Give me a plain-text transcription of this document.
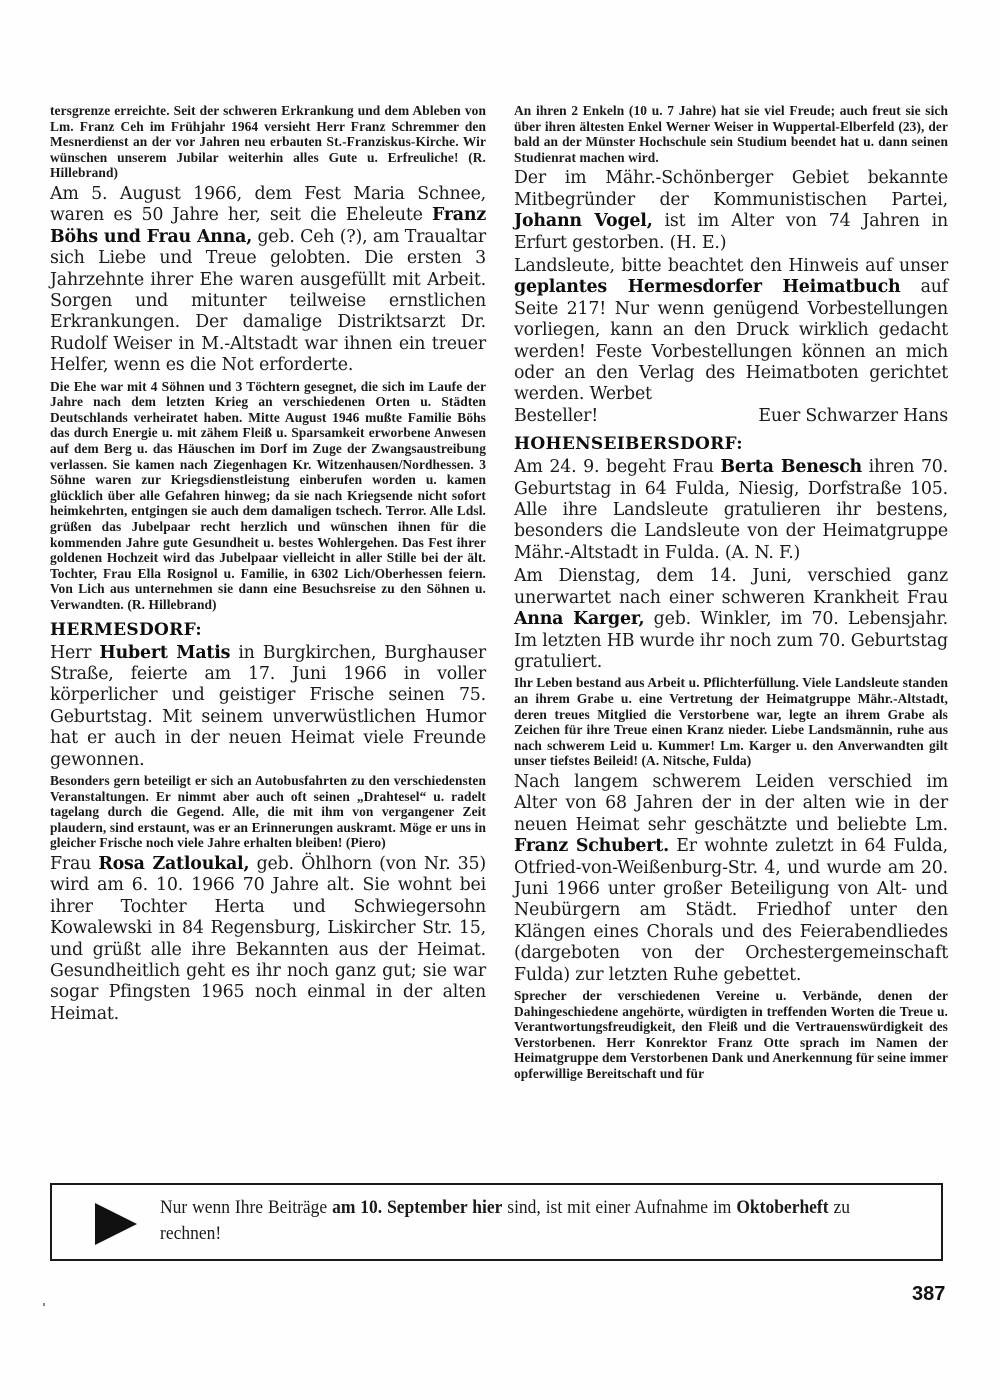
tersgrenze erreichte. Seit der schweren Erkrankung und dem Ableben von Lm. Franz Ceh im Frühjahr 1964 versieht Herr Franz Schremmer den Mesnerdienst an der vor Jahren neu erbauten St.-Franziskus-Kirche. Wir wünschen unserem Jubilar weiterhin alles Gute u. Erfreuliche! (R. Hillebrand)

Am 5. August 1966, dem Fest Maria Schnee, waren es 50 Jahre her, seit die Eheleute Franz Böhs und Frau Anna, geb. Ceh (?), am Traualtar sich Liebe und Treue gelobten. Die ersten 3 Jahrzehnte ihrer Ehe waren ausgefüllt mit Arbeit. Sorgen und mitunter teilweise ernstlichen Erkrankungen. Der damalige Distriktsarzt Dr. Rudolf Weiser in M.-Altstadt war ihnen ein treuer Helfer, wenn es die Not erforderte.

Die Ehe war mit 4 Söhnen und 3 Töchtern gesegnet, die sich im Laufe der Jahre nach dem letzten Krieg an verschiedenen Orten u. Städten Deutschlands verheiratet haben. Mitte August 1946 mußte Familie Böhs das durch Energie u. mit zähem Fleiß u. Sparsamkeit erworbene Anwesen auf dem Berg u. das Häuschen im Dorf im Zuge der Zwangsaustreibung verlassen. Sie kamen nach Ziegenhagen Kr. Witzenhausen/Nordhessen. 3 Söhne waren zur Kriegsdienstleistung einberufen worden u. kamen glücklich über alle Gefahren hinweg; da sie nach Kriegsende nicht sofort heimkehrten, entgingen sie auch dem damaligen tschech. Terror. Alle Ldsl. grüßen das Jubelpaar recht herzlich und wünschen ihnen für die kommenden Jahre gute Gesundheit u. bestes Wohlergehen. Das Fest ihrer goldenen Hochzeit wird das Jubelpaar vielleicht in aller Stille bei der ält. Tochter, Frau Ella Rosignol u. Familie, in 6302 Lich/Oberhessen feiern. Von Lich aus unternehmen sie dann eine Besuchsreise zu den Söhnen u. Verwandten. (R. Hillebrand)

HERMESDORF:

Herr Hubert Matis in Burgkirchen, Burghauser Straße, feierte am 17. Juni 1966 in voller körperlicher und geistiger Frische seinen 75. Geburtstag. Mit seinem unverwüstlichen Humor hat er auch in der neuen Heimat viele Freunde gewonnen.

Besonders gern beteiligt er sich an Autobusfahrten zu den verschiedensten Veranstaltungen. Er nimmt aber auch oft seinen „Drahtesel“ u. radelt tagelang durch die Gegend. Alle, die mit ihm von vergangener Zeit plaudern, sind erstaunt, was er an Erinnerungen auskramt. Möge er uns in gleicher Frische noch viele Jahre erhalten bleiben! (Piero)

Frau Rosa Zatloukal, geb. Öhlhorn (von Nr. 35) wird am 6. 10. 1966 70 Jahre alt. Sie wohnt bei ihrer Tochter Herta und Schwiegersohn Kowalewski in 84 Regensburg, Liskircher Str. 15, und grüßt alle ihre Bekannten aus der Heimat. Gesundheitlich geht es ihr noch ganz gut; sie war sogar Pfingsten 1965 noch einmal in der alten Heimat.

An ihren 2 Enkeln (10 u. 7 Jahre) hat sie viel Freude; auch freut sie sich über ihren ältesten Enkel Werner Weiser in Wuppertal-Elberfeld (23), der bald an der Münster Hochschule sein Studium beendet hat u. dann seinen Studienrat machen wird.

Der im Mähr.-Schönberger Gebiet bekannte Mitbegründer der Kommunistischen Partei, Johann Vogel, ist im Alter von 74 Jahren in Erfurt gestorben. (H. E.)

Landsleute, bitte beachtet den Hinweis auf unser geplantes Hermesdorfer Heimatbuch auf Seite 217! Nur wenn genügend Vorbestellungen vorliegen, kann an den Druck wirklich gedacht werden! Feste Vorbestellungen können an mich oder an den Verlag des Heimatboten gerichtet werden. Werbet

Besteller!	Euer Schwarzer Hans
HOHENSEIBERSDORF:

Am 24. 9. begeht Frau Berta Benesch ihren 70. Geburtstag in 64 Fulda, Niesig, Dorfstraße 105. Alle ihre Landsleute gratulieren ihr bestens, besonders die Landsleute von der Heimatgruppe Mähr.-Altstadt in Fulda. (A. N. F.)

Am Dienstag, dem 14. Juni, verschied ganz unerwartet nach einer schweren Krankheit Frau Anna Karger, geb. Winkler, im 70. Lebensjahr. Im letzten HB wurde ihr noch zum 70. Geburtstag gratuliert.

Ihr Leben bestand aus Arbeit u. Pflichterfüllung. Viele Landsleute standen an ihrem Grabe u. eine Vertretung der Heimatgruppe Mähr.-Altstadt, deren treues Mitglied die Verstorbene war, legte an ihrem Grabe als Zeichen für ihre Treue einen Kranz nieder. Liebe Landsmännin, ruhe aus nach schwerem Leid u. Kummer! Lm. Karger u. den Anverwandten gilt unser tiefstes Beileid! (A. Nitsche, Fulda)

Nach langem schwerem Leiden verschied im Alter von 68 Jahren der in der alten wie in der neuen Heimat sehr geschätzte und beliebte Lm. Franz Schubert. Er wohnte zuletzt in 64 Fulda, Otfried-von-Weißenburg-Str. 4, und wurde am 20. Juni 1966 unter großer Beteiligung von Alt- und Neubürgern am Städt. Friedhof unter den Klängen eines Chorals und des Feierabendliedes (dargeboten von der Orchestergemeinschaft Fulda) zur letzten Ruhe gebettet.

Sprecher der verschiedenen Vereine u. Verbände, denen der Dahingeschiedene angehörte, würdigten in treffenden Worten die Treue u. Verantwortungsfreudigkeit, den Fleiß und die Vertrauenswürdigkeit des Verstorbenen. Herr Konrektor Franz Otte sprach im Namen der Heimatgruppe dem Verstorbenen Dank und Anerkennung für seine immer opferwillige Bereitschaft und für

Nur wenn Ihre Beiträge am 10. September hier sind, ist mit einer Aufnahme im Oktoberheft zu rechnen!
387
